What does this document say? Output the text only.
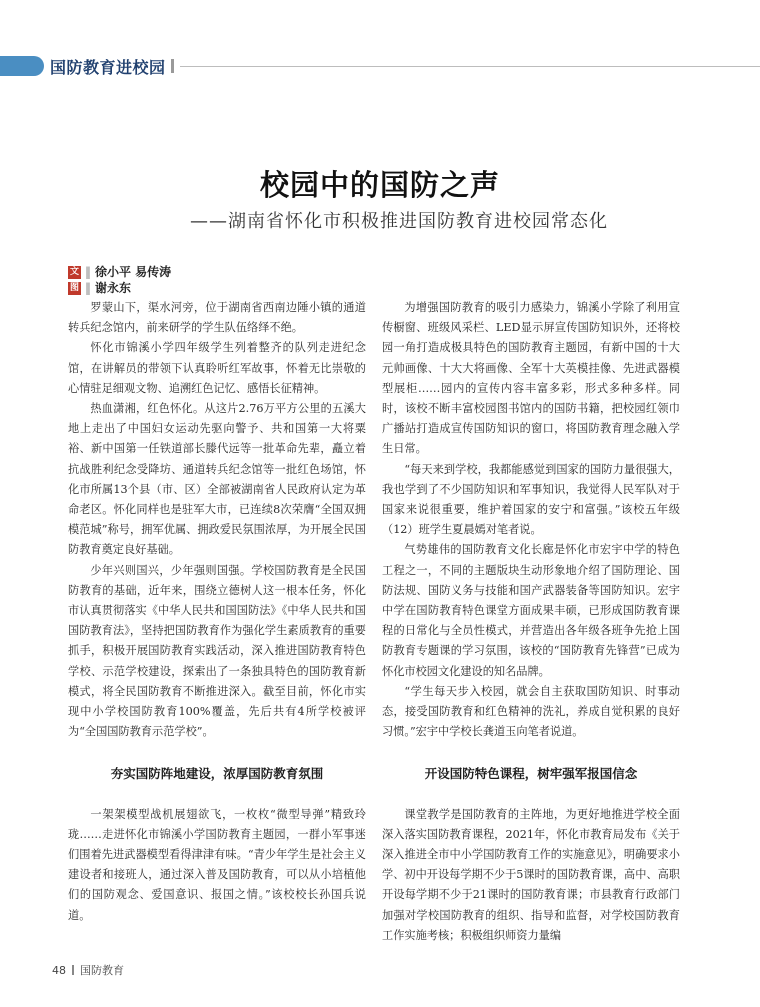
国防教育进校园
校园中的国防之声
——湖南省怀化市积极推进国防教育进校园常态化
文 ‖ 徐小平 易传涛
图 ‖ 谢永东

罗蒙山下，渠水河旁，位于湖南省西南边陲小镇的通道转兵纪念馆内，前来研学的学生队伍络绎不绝。

怀化市锦溪小学四年级学生列着整齐的队列走进纪念馆，在讲解员的带领下认真聆听红军故事，怀着无比崇敬的心情驻足细观文物、追溯红色记忆、感悟长征精神。

热血潇湘，红色怀化。从这片2.76万平方公里的五溪大地上走出了中国妇女运动先驱向警予、共和国第一大将粟裕、新中国第一任铁道部长滕代远等一批革命先辈，矗立着抗战胜利纪念受降坊、通道转兵纪念馆等一批红色场馆，怀化市所属13个县（市、区）全部被湖南省人民政府认定为革命老区。怀化同样也是驻军大市，已连续8次荣膺“全国双拥模范城”称号，拥军优属、拥政爱民氛围浓厚，为开展全民国防教育奠定良好基础。

少年兴则国兴，少年强则国强。学校国防教育是全民国防教育的基础，近年来，围绕立德树人这一根本任务，怀化市认真贯彻落实《中华人民共和国国防法》《中华人民共和国国防教育法》，坚持把国防教育作为强化学生素质教育的重要抓手，积极开展国防教育实践活动，深入推进国防教育特色学校、示范学校建设，探索出了一条独具特色的国防教育新模式，将全民国防教育不断推进深入。截至目前，怀化市实现中小学校国防教育100%覆盖，先后共有4所学校被评为“全国国防教育示范学校”。

夯实国防阵地建设，浓厚国防教育氛围

一架架模型战机展翅欲飞，一枚枚“微型导弹”精致玲珑……走进怀化市锦溪小学国防教育主题园，一群小军事迷们围着先进武器模型看得津津有味。“青少年学生是社会主义建设者和接班人，通过深入普及国防教育，可以从小培植他们的国防观念、爱国意识、报国之情。”该校校长孙国兵说道。

为增强国防教育的吸引力感染力，锦溪小学除了利用宣传橱窗、班级风采栏、LED显示屏宣传国防知识外，还将校园一角打造成极具特色的国防教育主题园，有新中国的十大元帅画像、十大大将画像、全军十大英模挂像、先进武器模型展柜……园内的宣传内容丰富多彩，形式多种多样。同时，该校不断丰富校园图书馆内的国防书籍，把校园红领巾广播站打造成宣传国防知识的窗口，将国防教育理念融入学生日常。

“每天来到学校，我都能感觉到国家的国防力量很强大，我也学到了不少国防知识和军事知识，我觉得人民军队对于国家来说很重要，维护着国家的安宁和富强。”该校五年级（12）班学生夏晨嫣对笔者说。

气势雄伟的国防教育文化长廊是怀化市宏宇中学的特色工程之一，不同的主题版块生动形象地介绍了国防理论、国防法规、国防义务与技能和国产武器装备等国防知识。宏宇中学在国防教育特色课堂方面成果丰硕，已形成国防教育课程的日常化与全员性模式，并营造出各年级各班争先抢上国防教育专题课的学习氛围，该校的“国防教育先锋营”已成为怀化市校园文化建设的知名品牌。

“学生每天步入校园，就会自主获取国防知识、时事动态，接受国防教育和红色精神的洗礼，养成自觉积累的良好习惯。”宏宇中学校长龚道玉向笔者说道。

开设国防特色课程，树牢强军报国信念

课堂教学是国防教育的主阵地，为更好地推进学校全面深入落实国防教育课程，2021年，怀化市教育局发布《关于深入推进全市中小学国防教育工作的实施意见》，明确要求小学、初中开设每学期不少于5课时的国防教育课，高中、高职开设每学期不少于21课时的国防教育课；市县教育行政部门加强对学校国防教育的组织、指导和监督，对学校国防教育工作实施考核；积极组织师资力量编

48 国防教育
